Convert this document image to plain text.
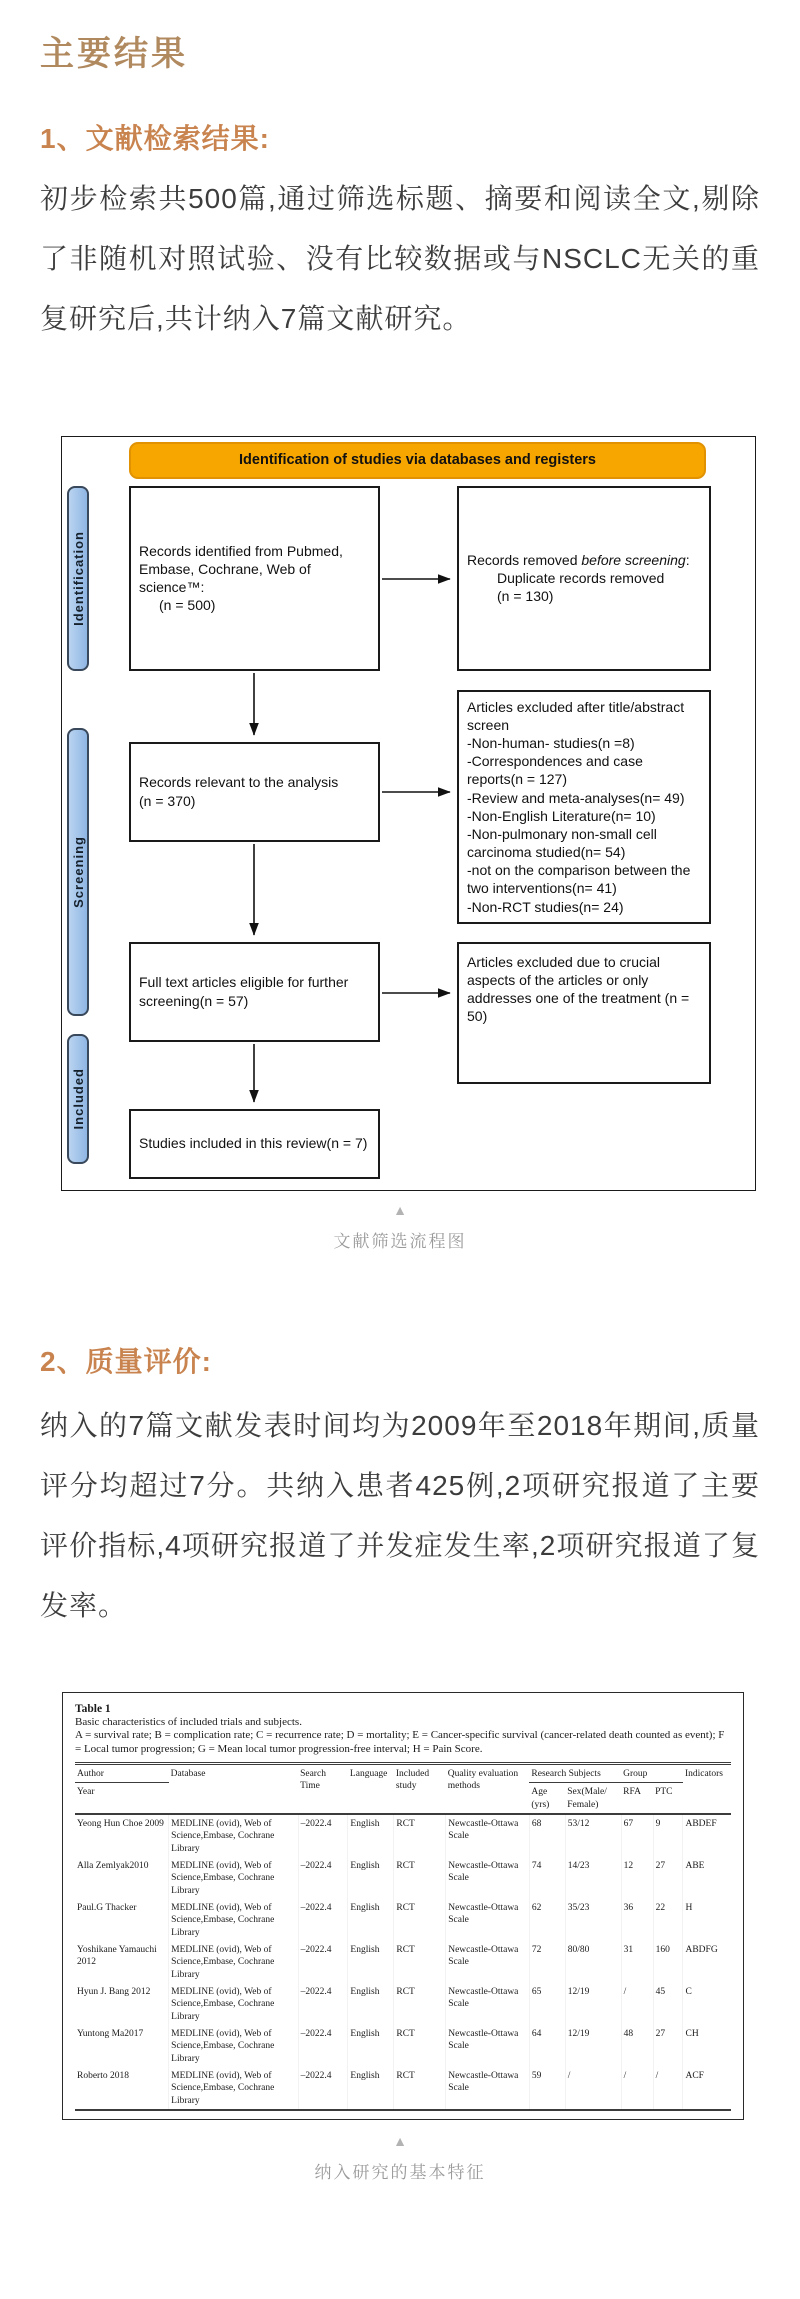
主要结果
1、文献检索结果:

初步检索共500篇,通过筛选标题、摘要和阅读全文,剔除了非随机对照试验、没有比较数据或与NSCLC无关的重复研究后,共计纳入7篇文献研究。

Identification of studies via databases and registers
Identification
Screening
Included
Records identified from Pubmed, Embase, Cochrane, Web of science™:
(n = 500)
Records removed before screening:
Duplicate records removed
(n = 130)
Records relevant to the analysis
(n = 370)
Articles excluded after title/abstract screen
-Non-human- studies(n =8)
-Correspondences and case reports(n = 127)
-Review and meta-analyses(n= 49)
-Non-English Literature(n= 10)
-Non-pulmonary non-small cell carcinoma studied(n= 54)
-not on the comparison between the two interventions(n= 41)
-Non-RCT studies(n= 24)
Full text articles eligible for further screening(n = 57)
Articles excluded due to crucial aspects of the articles or only addresses one of the treatment (n = 50)
Studies included in this review(n = 7)
▲
文献筛选流程图
2、质量评价:

纳入的7篇文献发表时间均为2009年至2018年期间,质量评分均超过7分。共纳入患者425例,2项研究报道了主要评价指标,4项研究报道了并发症发生率,2项研究报道了复发率。

Table 1
Basic characteristics of included trials and subjects.
A = survival rate; B = complication rate; C = recurrence rate; D = mortality; E = Cancer-specific survival (cancer-related death counted as event); F = Local tumor progression; G = Mean local tumor progression-free interval; H = Pain Score.
Author	Database	Search Time	Language	Included study	Quality evaluation methods	Research Subjects		Group		Indicators
Year						Age (yrs)	Sex(Male/ Female)	RFA	PTC	
Yeong Hun Choe 2009	MEDLINE (ovid), Web of Science,Embase, Cochrane Library	–2022.4	English	RCT	Newcastle-Ottawa Scale	68	53/12	67	9	ABDEF
Alla Zemlyak2010	MEDLINE (ovid), Web of Science,Embase, Cochrane Library	–2022.4	English	RCT	Newcastle-Ottawa Scale	74	14/23	12	27	ABE
Paul.G Thacker	MEDLINE (ovid), Web of Science,Embase, Cochrane Library	–2022.4	English	RCT	Newcastle-Ottawa Scale	62	35/23	36	22	H
Yoshikane Yamauchi 2012	MEDLINE (ovid), Web of Science,Embase, Cochrane Library	–2022.4	English	RCT	Newcastle-Ottawa Scale	72	80/80	31	160	ABDFG
Hyun J. Bang 2012	MEDLINE (ovid), Web of Science,Embase, Cochrane Library	–2022.4	English	RCT	Newcastle-Ottawa Scale	65	12/19	/	45	C
Yuntong Ma2017	MEDLINE (ovid), Web of Science,Embase, Cochrane Library	–2022.4	English	RCT	Newcastle-Ottawa Scale	64	12/19	48	27	CH
Roberto 2018	MEDLINE (ovid), Web of Science,Embase, Cochrane Library	–2022.4	English	RCT	Newcastle-Ottawa Scale	59	/	/	/	ACF
▲
纳入研究的基本特征
